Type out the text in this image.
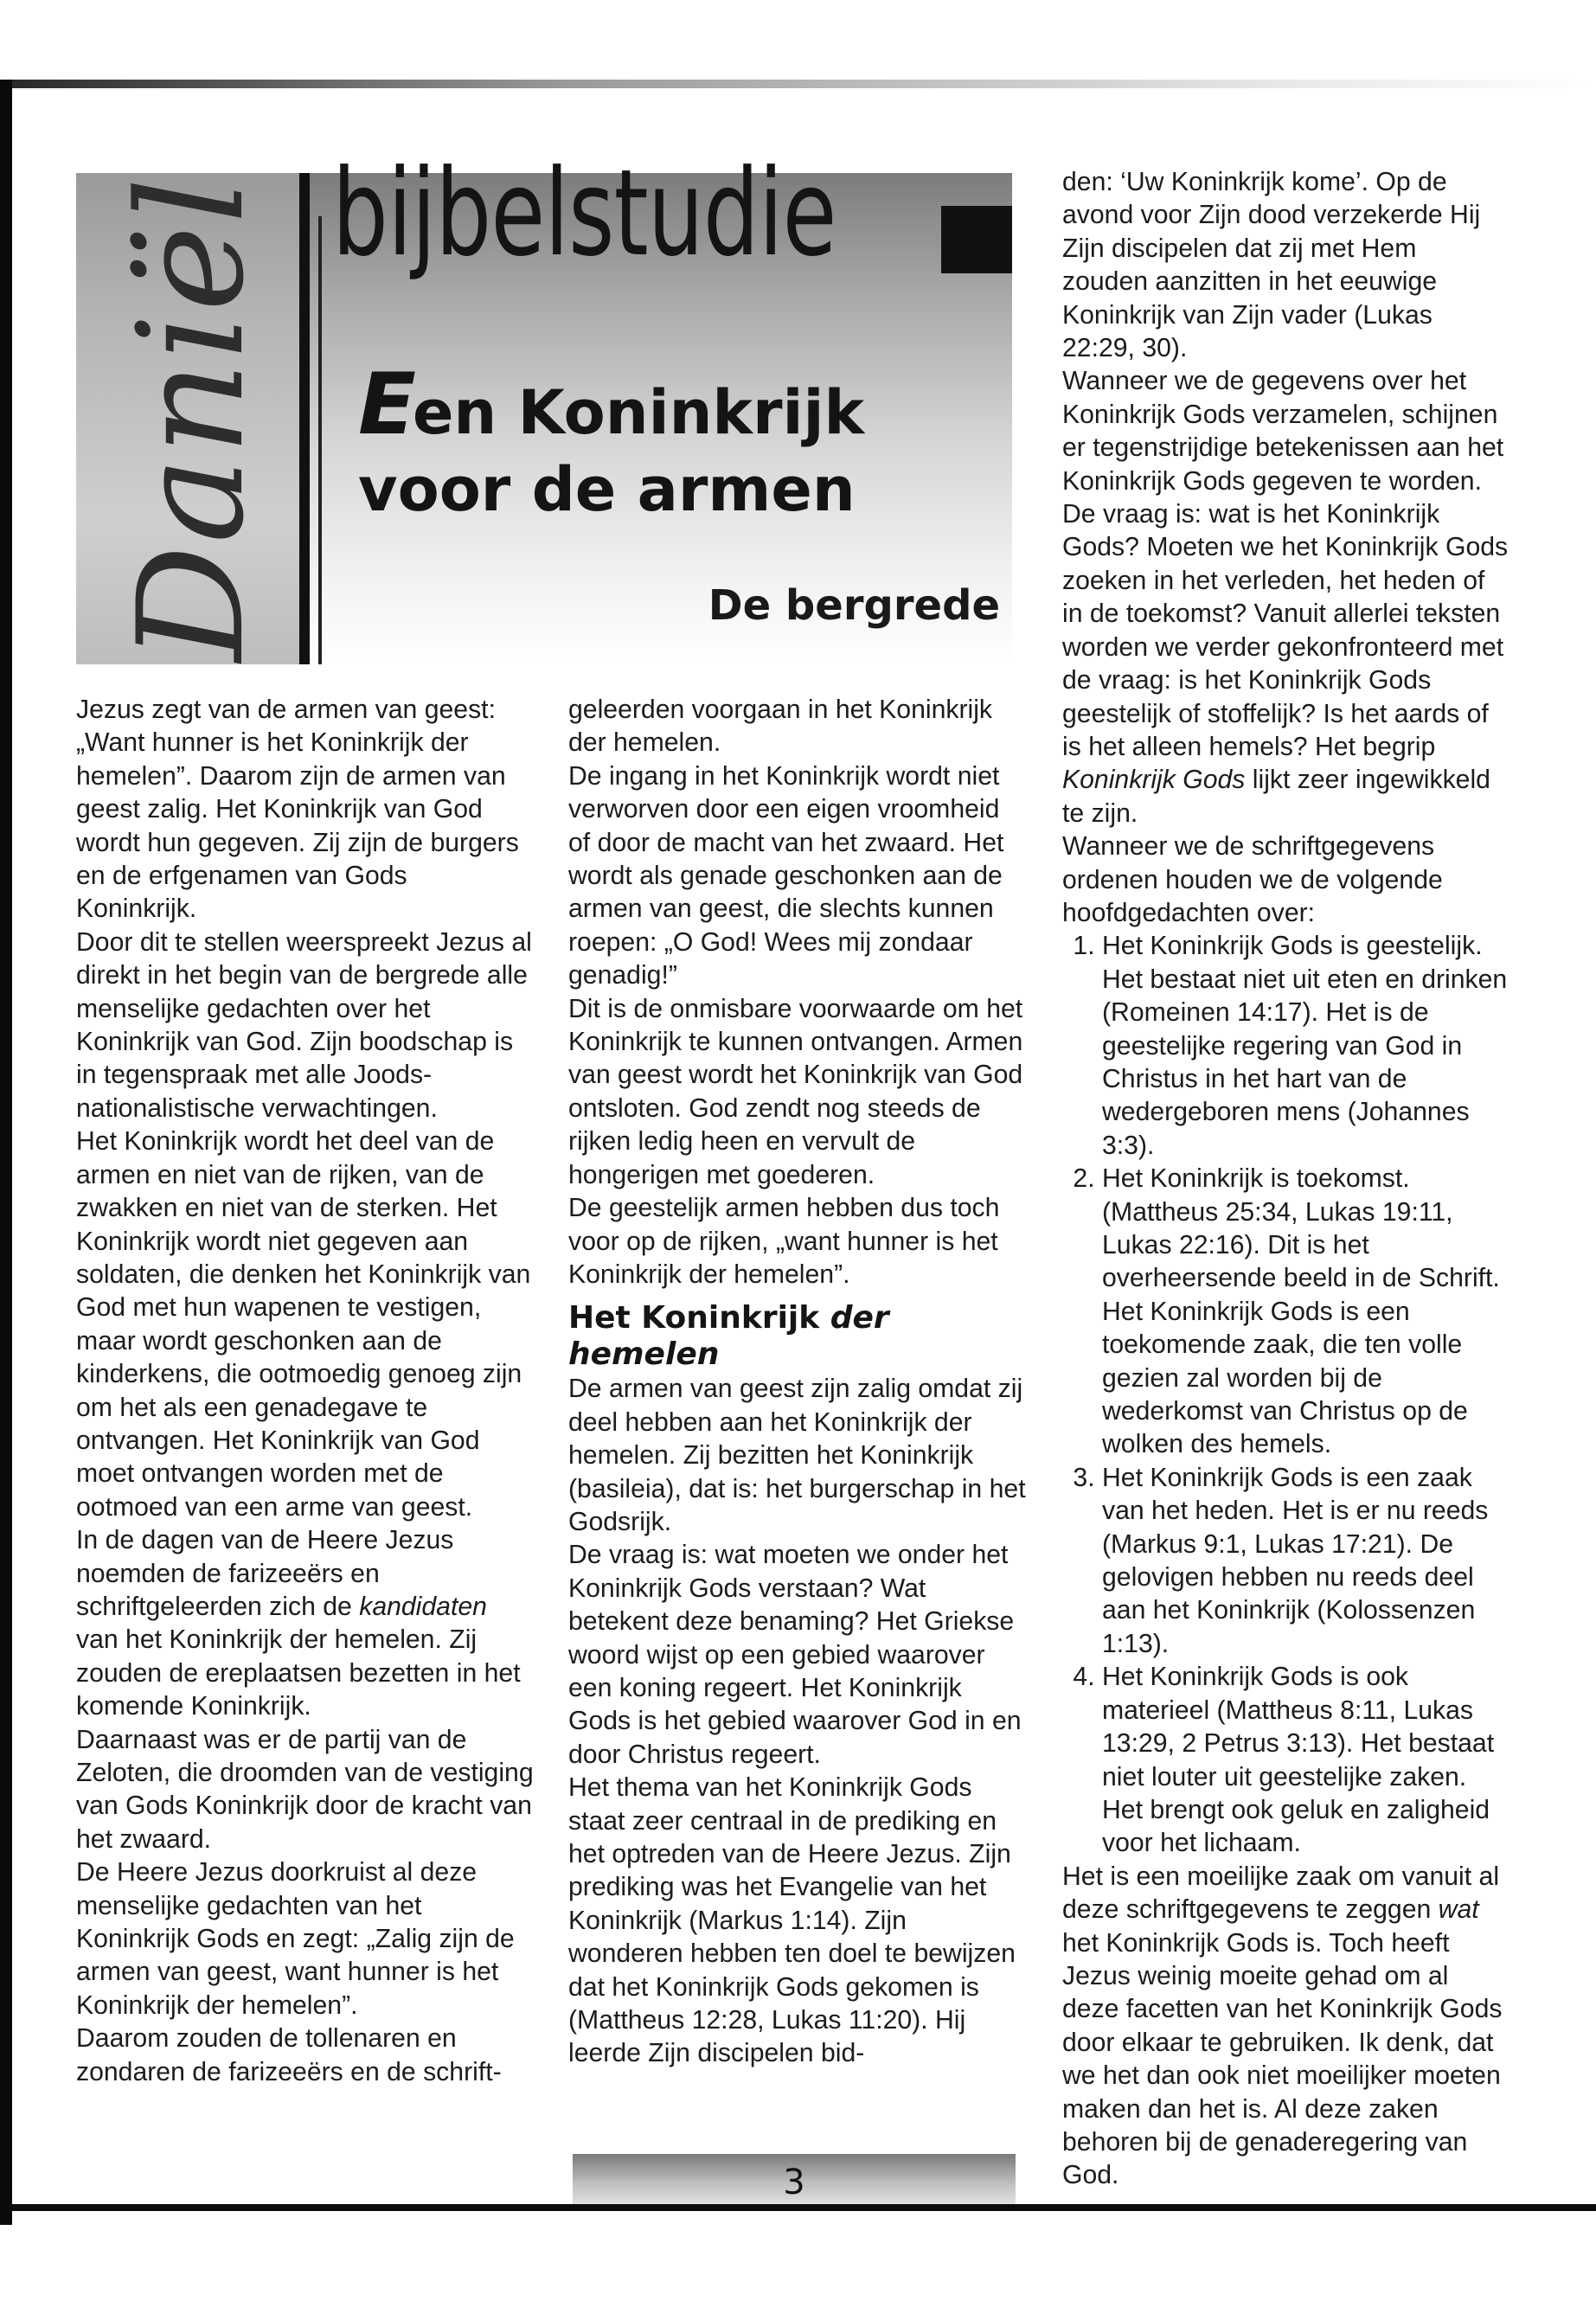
Daniël bijbelstudie
Een Koninkrijk
voor de armen
De bergrede

Jezus zegt van de armen van geest: „Want hunner is het Koninkrijk der hemelen”. Daarom zijn de armen van geest zalig. Het Koninkrijk van God wordt hun gegeven. Zij zijn de burgers en de erfgenamen van Gods Koninkrijk.

Door dit te stellen weerspreekt Jezus al direkt in het begin van de bergrede alle menselijke gedachten over het Koninkrijk van God. Zijn boodschap is in tegenspraak met alle Joods-nationalistische verwachtingen.

Het Koninkrijk wordt het deel van de armen en niet van de rijken, van de zwakken en niet van de sterken. Het Koninkrijk wordt niet gegeven aan soldaten, die denken het Koninkrijk van God met hun wapenen te vestigen, maar wordt geschonken aan de kinderkens, die ootmoedig genoeg zijn om het als een genadegave te ontvangen. Het Koninkrijk van God moet ontvangen worden met de ootmoed van een arme van geest.

In de dagen van de Heere Jezus noemden de farizeeërs en schriftgeleerden zich de kandidaten van het Koninkrijk der hemelen. Zij zouden de ereplaatsen bezetten in het komende Koninkrijk.

Daarnaast was er de partij van de Zeloten, die droomden van de vestiging van Gods Koninkrijk door de kracht van het zwaard.

De Heere Jezus doorkruist al deze menselijke gedachten van het Koninkrijk Gods en zegt: „Zalig zijn de armen van geest, want hunner is het Koninkrijk der hemelen”.

Daarom zouden de tollenaren en zondaren de farizeeërs en de schrift-

geleerden voorgaan in het Koninkrijk der hemelen.

De ingang in het Koninkrijk wordt niet verworven door een eigen vroomheid of door de macht van het zwaard. Het wordt als genade geschonken aan de armen van geest, die slechts kunnen roepen: „O God! Wees mij zondaar genadig!”

Dit is de onmisbare voorwaarde om het Koninkrijk te kunnen ontvangen. Armen van geest wordt het Koninkrijk van God ontsloten. God zendt nog steeds de rijken ledig heen en vervult de hongerigen met goederen.

De geestelijk armen hebben dus toch voor op de rijken, „want hunner is het Koninkrijk der hemelen”.

Het Koninkrijk der hemelen

De armen van geest zijn zalig omdat zij deel hebben aan het Koninkrijk der hemelen. Zij bezitten het Koninkrijk (basileia), dat is: het burgerschap in het Godsrijk.

De vraag is: wat moeten we onder het Koninkrijk Gods verstaan? Wat betekent deze benaming? Het Griekse woord wijst op een gebied waarover een koning regeert. Het Koninkrijk Gods is het gebied waarover God in en door Christus regeert.

Het thema van het Koninkrijk Gods staat zeer centraal in de prediking en het optreden van de Heere Jezus. Zijn prediking was het Evangelie van het Koninkrijk (Markus 1:14). Zijn wonderen hebben ten doel te bewijzen dat het Koninkrijk Gods gekomen is (Mattheus 12:28, Lukas 11:20). Hij leerde Zijn discipelen bid-

den: ‘Uw Koninkrijk kome’. Op de avond voor Zijn dood verzekerde Hij Zijn discipelen dat zij met Hem zouden aanzitten in het eeuwige Koninkrijk van Zijn vader (Lukas 22:29, 30).

Wanneer we de gegevens over het Koninkrijk Gods verzamelen, schijnen er tegenstrijdige betekenissen aan het Koninkrijk Gods gegeven te worden. De vraag is: wat is het Koninkrijk Gods? Moeten we het Koninkrijk Gods zoeken in het verleden, het heden of in de toekomst? Vanuit allerlei teksten worden we verder gekonfronteerd met de vraag: is het Koninkrijk Gods geestelijk of stoffelijk? Is het aards of is het alleen hemels? Het begrip Koninkrijk Gods lijkt zeer ingewikkeld te zijn.

Wanneer we de schriftgegevens ordenen houden we de volgende hoofdgedachten over:

1. Het Koninkrijk Gods is geestelijk. Het bestaat niet uit eten en drinken (Romeinen 14:17). Het is de geestelijke regering van God in Christus in het hart van de wedergeboren mens (Johannes 3:3).
2. Het Koninkrijk is toekomst. (Mattheus 25:34, Lukas 19:11, Lukas 22:16). Dit is het overheersende beeld in de Schrift. Het Koninkrijk Gods is een toekomende zaak, die ten volle gezien zal worden bij de wederkomst van Christus op de wolken des hemels.
3. Het Koninkrijk Gods is een zaak van het heden. Het is er nu reeds (Markus 9:1, Lukas 17:21). De gelovigen hebben nu reeds deel aan het Koninkrijk (Kolossenzen 1:13).
4. Het Koninkrijk Gods is ook materieel (Mattheus 8:11, Lukas 13:29, 2 Petrus 3:13). Het bestaat niet louter uit geestelijke zaken. Het brengt ook geluk en zaligheid voor het lichaam.

Het is een moeilijke zaak om vanuit al deze schriftgegevens te zeggen wat het Koninkrijk Gods is. Toch heeft Jezus weinig moeite gehad om al deze facetten van het Koninkrijk Gods door elkaar te gebruiken. Ik denk, dat we het dan ook niet moeilijker moeten maken dan het is. Al deze zaken behoren bij de genaderegering van God.

3
